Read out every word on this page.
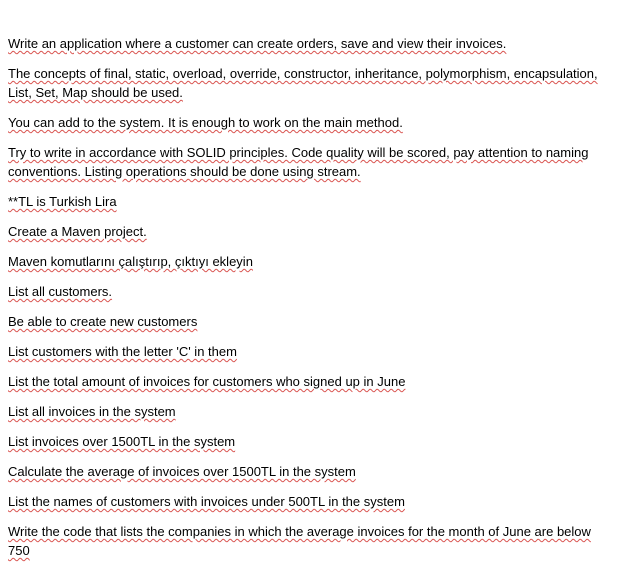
Write an application where a customer can create orders, save and view their invoices.

The concepts of final, static, overload, override, constructor, inheritance, polymorphism, encapsulation, List, Set, Map should be used.

You can add to the system. It is enough to work on the main method.

Try to write in accordance with SOLID principles. Code quality will be scored, pay attention to naming conventions. Listing operations should be done using stream.

**TL is Turkish Lira

Create a Maven project.

Maven komutlarını çalıştırıp, çıktıyı ekleyin

List all customers.

Be able to create new customers

List customers with the letter 'C' in them

List the total amount of invoices for customers who signed up in June

List all invoices in the system

List invoices over 1500TL in the system

Calculate the average of invoices over 1500TL in the system

List the names of customers with invoices under 500TL in the system

Write the code that lists the companies in which the average invoices for the month of June are below 750
